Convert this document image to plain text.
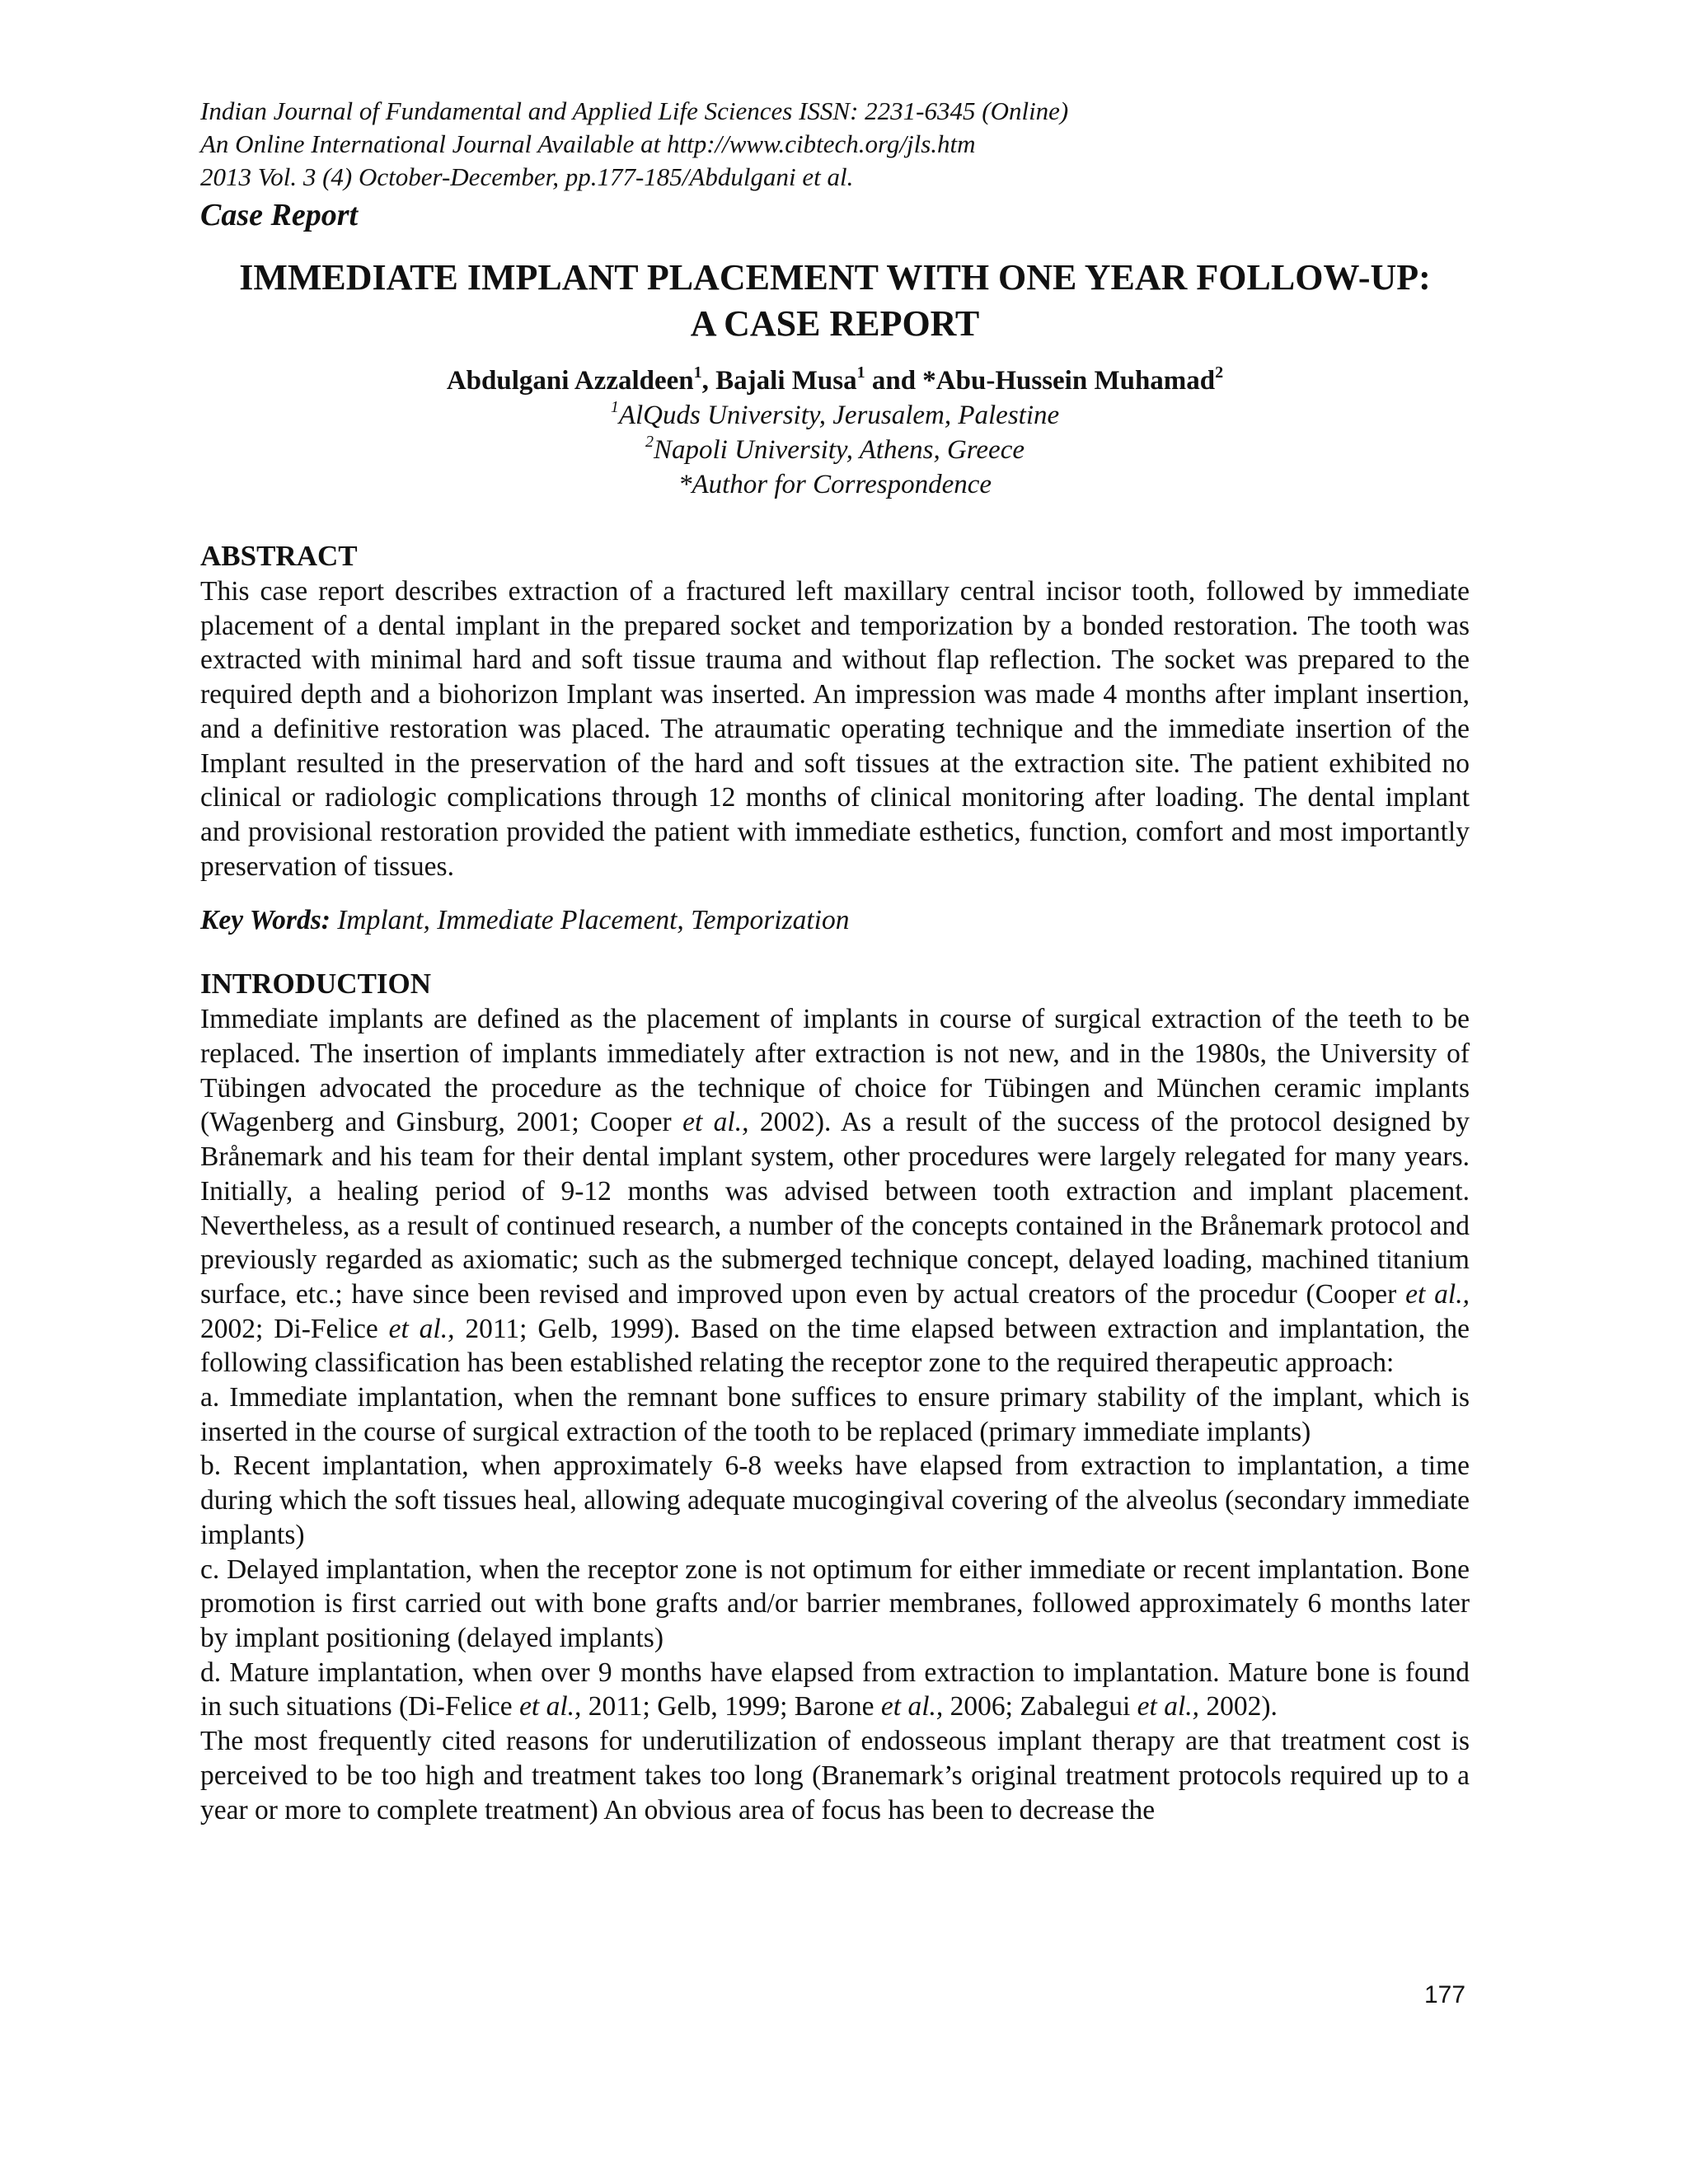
Indian Journal of Fundamental and Applied Life Sciences ISSN: 2231-6345 (Online)

An Online International Journal Available at http://www.cibtech.org/jls.htm

2013 Vol. 3 (4) October-December, pp.177-185/Abdulgani et al.

Case Report

IMMEDIATE IMPLANT PLACEMENT WITH ONE YEAR FOLLOW-UP:
A CASE REPORT

Abdulgani Azzaldeen$^1$, Bajali Musa$^1$ and *Abu-Hussein Muhamad$^2$

$^1$AlQuds University, Jerusalem, Palestine

$^2$Napoli University, Athens, Greece

*Author for Correspondence

ABSTRACT

This case report describes extraction of a fractured left maxillary central incisor tooth, followed by immediate placement of a dental implant in the prepared socket and temporization by a bonded restoration. The tooth was extracted with minimal hard and soft tissue trauma and without flap reflection. The socket was prepared to the required depth and a biohorizon Implant was inserted. An impression was made 4 months after implant insertion, and a definitive restoration was placed. The atraumatic operating technique and the immediate insertion of the Implant resulted in the preservation of the hard and soft tissues at the extraction site. The patient exhibited no clinical or radiologic complications through 12 months of clinical monitoring after loading. The dental implant and provisional restoration provided the patient with immediate esthetics, function, comfort and most importantly preservation of tissues.

Key Words: Implant, Immediate Placement, Temporization

INTRODUCTION

Immediate implants are defined as the placement of implants in course of surgical extraction of the teeth to be replaced. The insertion of implants immediately after extraction is not new, and in the 1980s, the University of Tübingen advocated the procedure as the technique of choice for Tübingen and München ceramic implants (Wagenberg and Ginsburg, 2001; Cooper et al., 2002). As a result of the success of the protocol designed by Brånemark and his team for their dental implant system, other procedures were largely relegated for many years. Initially, a healing period of 9-12 months was advised between tooth extraction and implant placement. Nevertheless, as a result of continued research, a number of the concepts contained in the Brånemark protocol and previously regarded as axiomatic; such as the submerged technique concept, delayed loading, machined titanium surface, etc.; have since been revised and improved upon even by actual creators of the procedur (Cooper et al., 2002; Di-Felice et al., 2011; Gelb, 1999). Based on the time elapsed between extraction and implantation, the following classification has been established relating the receptor zone to the required therapeutic approach:

a. Immediate implantation, when the remnant bone suffices to ensure primary stability of the implant, which is inserted in the course of surgical extraction of the tooth to be replaced (primary immediate implants)

b. Recent implantation, when approximately 6-8 weeks have elapsed from extraction to implantation, a time during which the soft tissues heal, allowing adequate mucogingival covering of the alveolus (secondary immediate implants)

c. Delayed implantation, when the receptor zone is not optimum for either immediate or recent implantation. Bone promotion is first carried out with bone grafts and/or barrier membranes, followed approximately 6 months later by implant positioning (delayed implants)

d. Mature implantation, when over 9 months have elapsed from extraction to implantation. Mature bone is found in such situations (Di-Felice et al., 2011; Gelb, 1999; Barone et al., 2006; Zabalegui et al., 2002).

The most frequently cited reasons for underutilization of endosseous implant therapy are that treatment cost is perceived to be too high and treatment takes too long (Branemark’s original treatment protocols required up to a year or more to complete treatment) An obvious area of focus has been to decrease the

177
